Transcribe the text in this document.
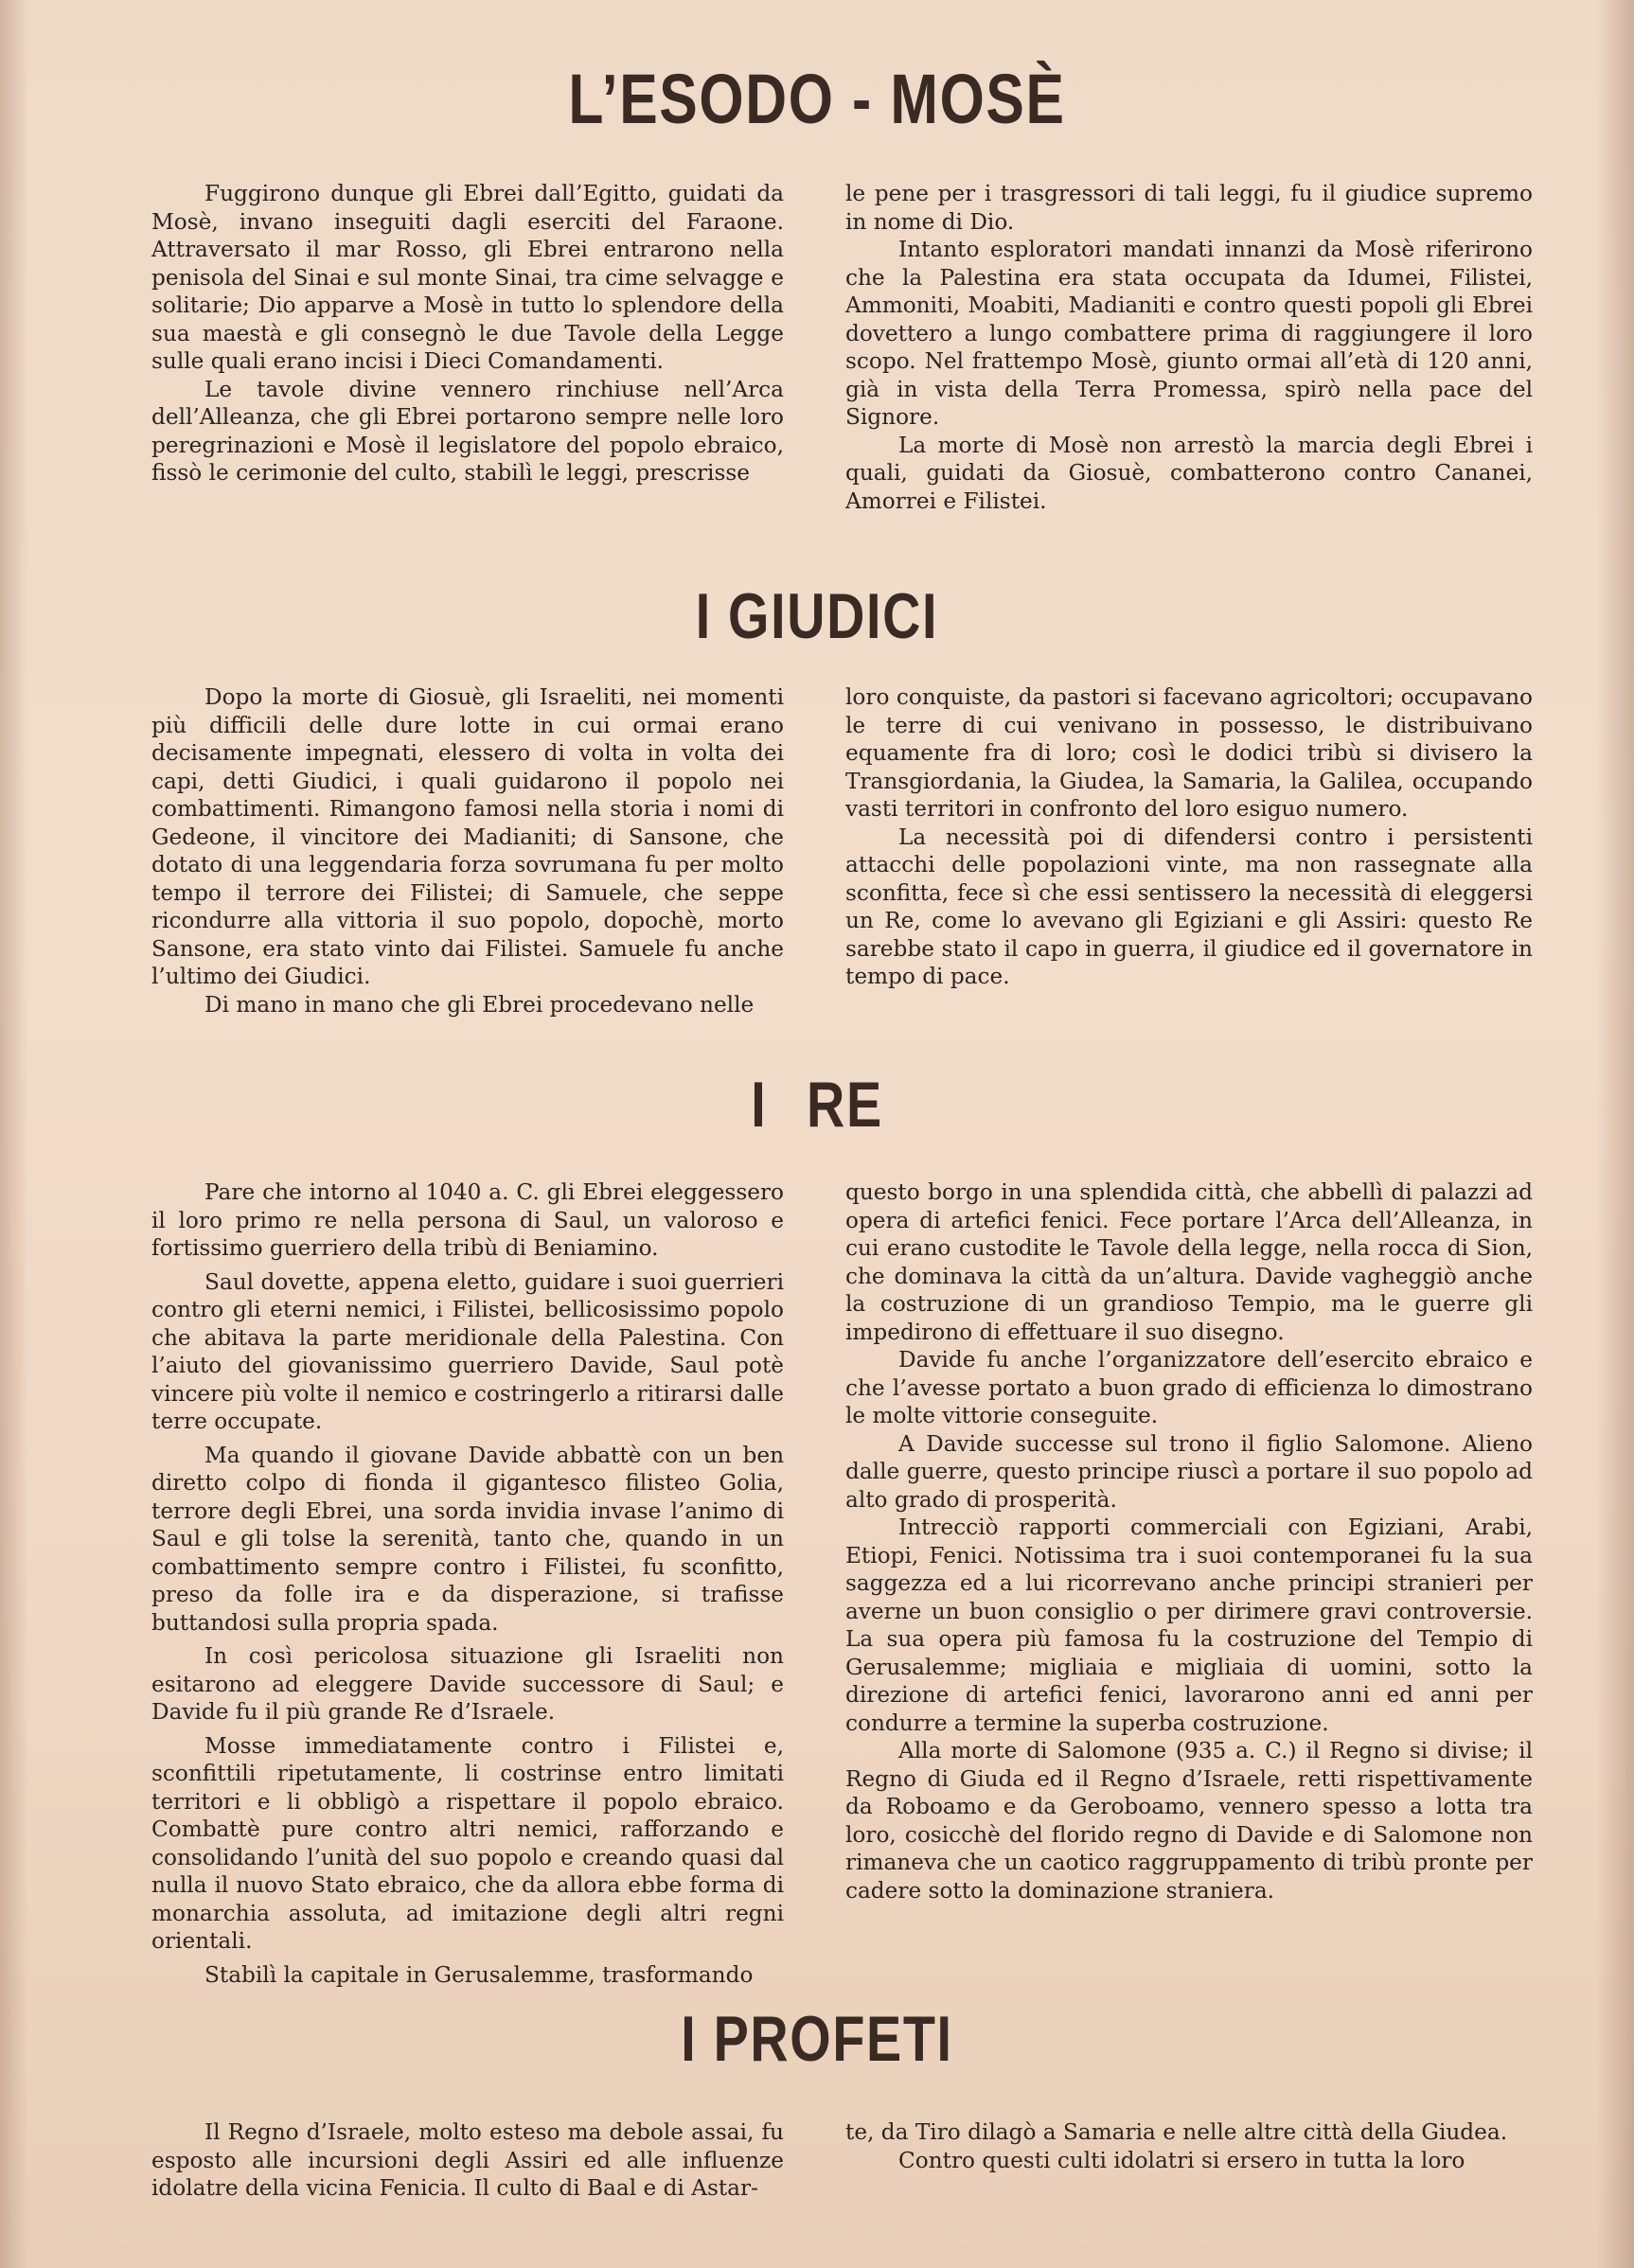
L’ESODO - MOSÈ

Fuggirono dunque gli Ebrei dall’Egitto, guidati da Mosè, invano inseguiti dagli eserciti del Faraone. Attraversato il mar Rosso, gli Ebrei entrarono nella penisola del Sinai e sul monte Sinai, tra cime selvagge e solitarie; Dio apparve a Mosè in tutto lo splendore della sua maestà e gli consegnò le due Tavole della Legge sulle quali erano incisi i Dieci Comandamenti.

Le tavole divine vennero rinchiuse nell’Arca dell’Alleanza, che gli Ebrei portarono sempre nelle loro peregrinazioni e Mosè il legislatore del popolo ebraico, fissò le cerimonie del culto, stabilì le leggi, prescrisse

le pene per i trasgressori di tali leggi, fu il giudice supremo in nome di Dio.

Intanto esploratori mandati innanzi da Mosè riferirono che la Palestina era stata occupata da Idumei, Filistei, Ammoniti, Moabiti, Madianiti e contro questi popoli gli Ebrei dovettero a lungo combattere prima di raggiungere il loro scopo. Nel frattempo Mosè, giunto ormai all’età di 120 anni, già in vista della Terra Promessa, spirò nella pace del Signore.

La morte di Mosè non arrestò la marcia degli Ebrei i quali, guidati da Giosuè, combatterono contro Cananei, Amorrei e Filistei.

I GIUDICI

Dopo la morte di Giosuè, gli Israeliti, nei momenti più difficili delle dure lotte in cui ormai erano decisamente impegnati, elessero di volta in volta dei capi, detti Giudici, i quali guidarono il popolo nei combattimenti. Rimangono famosi nella storia i nomi di Gedeone, il vincitore dei Madianiti; di Sansone, che dotato di una leggendaria forza sovrumana fu per molto tempo il terrore dei Filistei; di Samuele, che seppe ricondurre alla vittoria il suo popolo, dopochè, morto Sansone, era stato vinto dai Filistei. Samuele fu anche l’ultimo dei Giudici.

Di mano in mano che gli Ebrei procedevano nelle

loro conquiste, da pastori si facevano agricoltori; occupavano le terre di cui venivano in possesso, le distribuivano equamente fra di loro; così le dodici tribù si divisero la Transgiordania, la Giudea, la Samaria, la Galilea, occupando vasti territori in confronto del loro esiguo numero.

La necessità poi di difendersi contro i persistenti attacchi delle popolazioni vinte, ma non rassegnate alla sconfitta, fece sì che essi sentissero la necessità di eleggersi un Re, come lo avevano gli Egiziani e gli Assiri: questo Re sarebbe stato il capo in guerra, il giudice ed il governatore in tempo di pace.

I RE

Pare che intorno al 1040 a. C. gli Ebrei eleggessero il loro primo re nella persona di Saul, un valoroso e fortissimo guerriero della tribù di Beniamino.

Saul dovette, appena eletto, guidare i suoi guerrieri contro gli eterni nemici, i Filistei, bellicosissimo popolo che abitava la parte meridionale della Palestina. Con l’aiuto del giovanissimo guerriero Davide, Saul potè vincere più volte il nemico e costringerlo a ritirarsi dalle terre occupate.

Ma quando il giovane Davide abbattè con un ben diretto colpo di fionda il gigantesco filisteo Golia, terrore degli Ebrei, una sorda invidia invase l’animo di Saul e gli tolse la serenità, tanto che, quando in un combattimento sempre contro i Filistei, fu sconfitto, preso da folle ira e da disperazione, si trafisse buttandosi sulla propria spada.

In così pericolosa situazione gli Israeliti non esitarono ad eleggere Davide successore di Saul; e Davide fu il più grande Re d’Israele.

Mosse immediatamente contro i Filistei e, sconfittili ripetutamente, li costrinse entro limitati territori e li obbligò a rispettare il popolo ebraico. Combattè pure contro altri nemici, rafforzando e consolidando l’unità del suo popolo e creando quasi dal nulla il nuovo Stato ebraico, che da allora ebbe forma di monarchia assoluta, ad imitazione degli altri regni orientali.

Stabilì la capitale in Gerusalemme, trasformando

questo borgo in una splendida città, che abbellì di palazzi ad opera di artefici fenici. Fece portare l’Arca dell’Alleanza, in cui erano custodite le Tavole della legge, nella rocca di Sion, che dominava la città da un’altura. Davide vagheggiò anche la costruzione di un grandioso Tempio, ma le guerre gli impedirono di effettuare il suo disegno.

Davide fu anche l’organizzatore dell’esercito ebraico e che l’avesse portato a buon grado di efficienza lo dimostrano le molte vittorie conseguite.

A Davide successe sul trono il figlio Salomone. Alieno dalle guerre, questo principe riuscì a portare il suo popolo ad alto grado di prosperità.

Intrecciò rapporti commerciali con Egiziani, Arabi, Etiopi, Fenici. Notissima tra i suoi contemporanei fu la sua saggezza ed a lui ricorrevano anche principi stranieri per averne un buon consiglio o per dirimere gravi controversie. La sua opera più famosa fu la costruzione del Tempio di Gerusalemme; migliaia e migliaia di uomini, sotto la direzione di artefici fenici, lavorarono anni ed anni per condurre a termine la superba costruzione.

Alla morte di Salomone (935 a. C.) il Regno si divise; il Regno di Giuda ed il Regno d’Israele, retti rispettivamente da Roboamo e da Geroboamo, vennero spesso a lotta tra loro, cosicchè del florido regno di Davide e di Salomone non rimaneva che un caotico raggruppamento di tribù pronte per cadere sotto la dominazione straniera.

I PROFETI

Il Regno d’Israele, molto esteso ma debole assai, fu esposto alle incursioni degli Assiri ed alle influenze idolatre della vicina Fenicia. Il culto di Baal e di Astar-

te, da Tiro dilagò a Samaria e nelle altre città della Giudea.

Contro questi culti idolatri si ersero in tutta la loro
